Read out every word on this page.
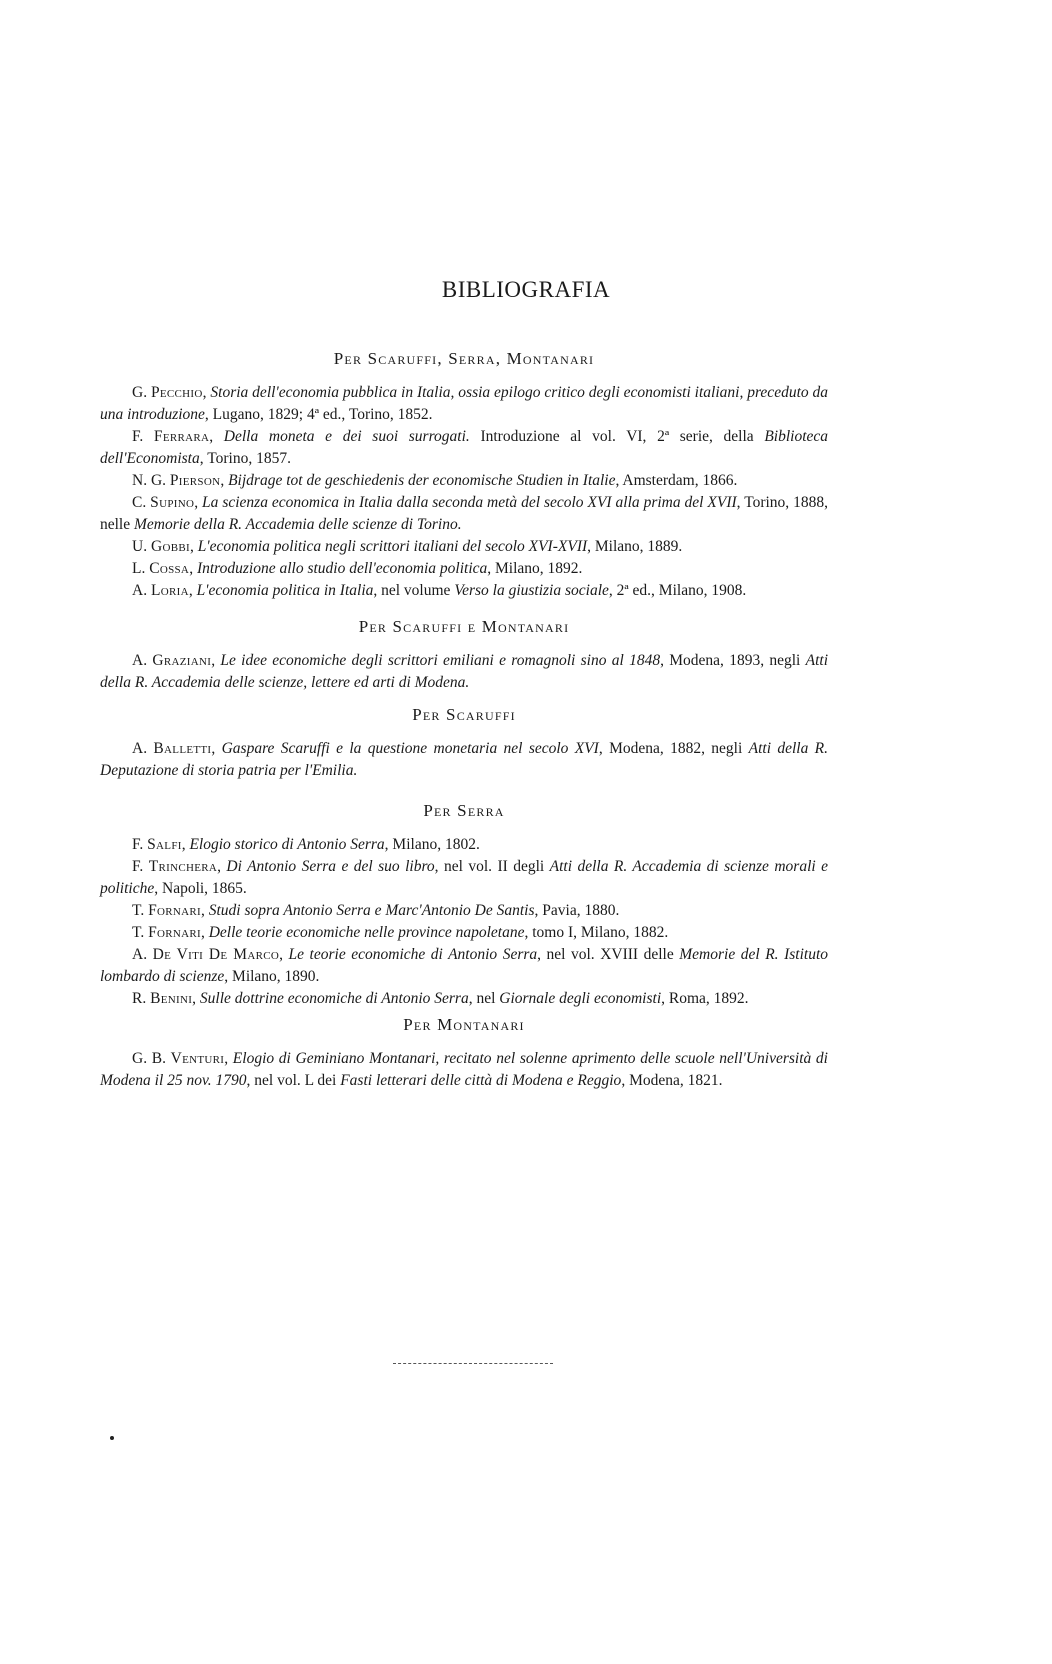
BIBLIOGRAFIA
Per Scaruffi, Serra, Montanari

G. Pecchio, Storia dell'economia pubblica in Italia, ossia epilogo critico degli economisti italiani, preceduto da una introduzione, Lugano, 1829; 4ª ed., Torino, 1852.

F. Ferrara, Della moneta e dei suoi surrogati. Introduzione al vol. VI, 2ª serie, della Biblioteca dell'Economista, Torino, 1857.

N. G. Pierson, Bijdrage tot de geschiedenis der economische Studien in Italie, Amsterdam, 1866.

C. Supino, La scienza economica in Italia dalla seconda metà del secolo XVI alla prima del XVII, Torino, 1888, nelle Memorie della R. Accademia delle scienze di Torino.

U. Gobbi, L'economia politica negli scrittori italiani del secolo XVI-XVII, Milano, 1889.

L. Cossa, Introduzione allo studio dell'economia politica, Milano, 1892.

A. Loria, L'economia politica in Italia, nel volume Verso la giustizia sociale, 2ª ed., Milano, 1908.

Per Scaruffi e Montanari

A. Graziani, Le idee economiche degli scrittori emiliani e romagnoli sino al 1848, Modena, 1893, negli Atti della R. Accademia delle scienze, lettere ed arti di Modena.

Per Scaruffi

A. Balletti, Gaspare Scaruffi e la questione monetaria nel secolo XVI, Modena, 1882, negli Atti della R. Deputazione di storia patria per l'Emilia.

Per Serra

F. Salfi, Elogio storico di Antonio Serra, Milano, 1802.

F. Trinchera, Di Antonio Serra e del suo libro, nel vol. II degli Atti della R. Accademia di scienze morali e politiche, Napoli, 1865.

T. Fornari, Studi sopra Antonio Serra e Marc'Antonio De Santis, Pavia, 1880.

T. Fornari, Delle teorie economiche nelle province napoletane, tomo I, Milano, 1882.

A. De Viti De Marco, Le teorie economiche di Antonio Serra, nel vol. XVIII delle Memorie del R. Istituto lombardo di scienze, Milano, 1890.

R. Benini, Sulle dottrine economiche di Antonio Serra, nel Giornale degli economisti, Roma, 1892.

Per Montanari

G. B. Venturi, Elogio di Geminiano Montanari, recitato nel solenne aprimento delle scuole nell'Università di Modena il 25 nov. 1790, nel vol. L dei Fasti letterari delle città di Modena e Reggio, Modena, 1821.
